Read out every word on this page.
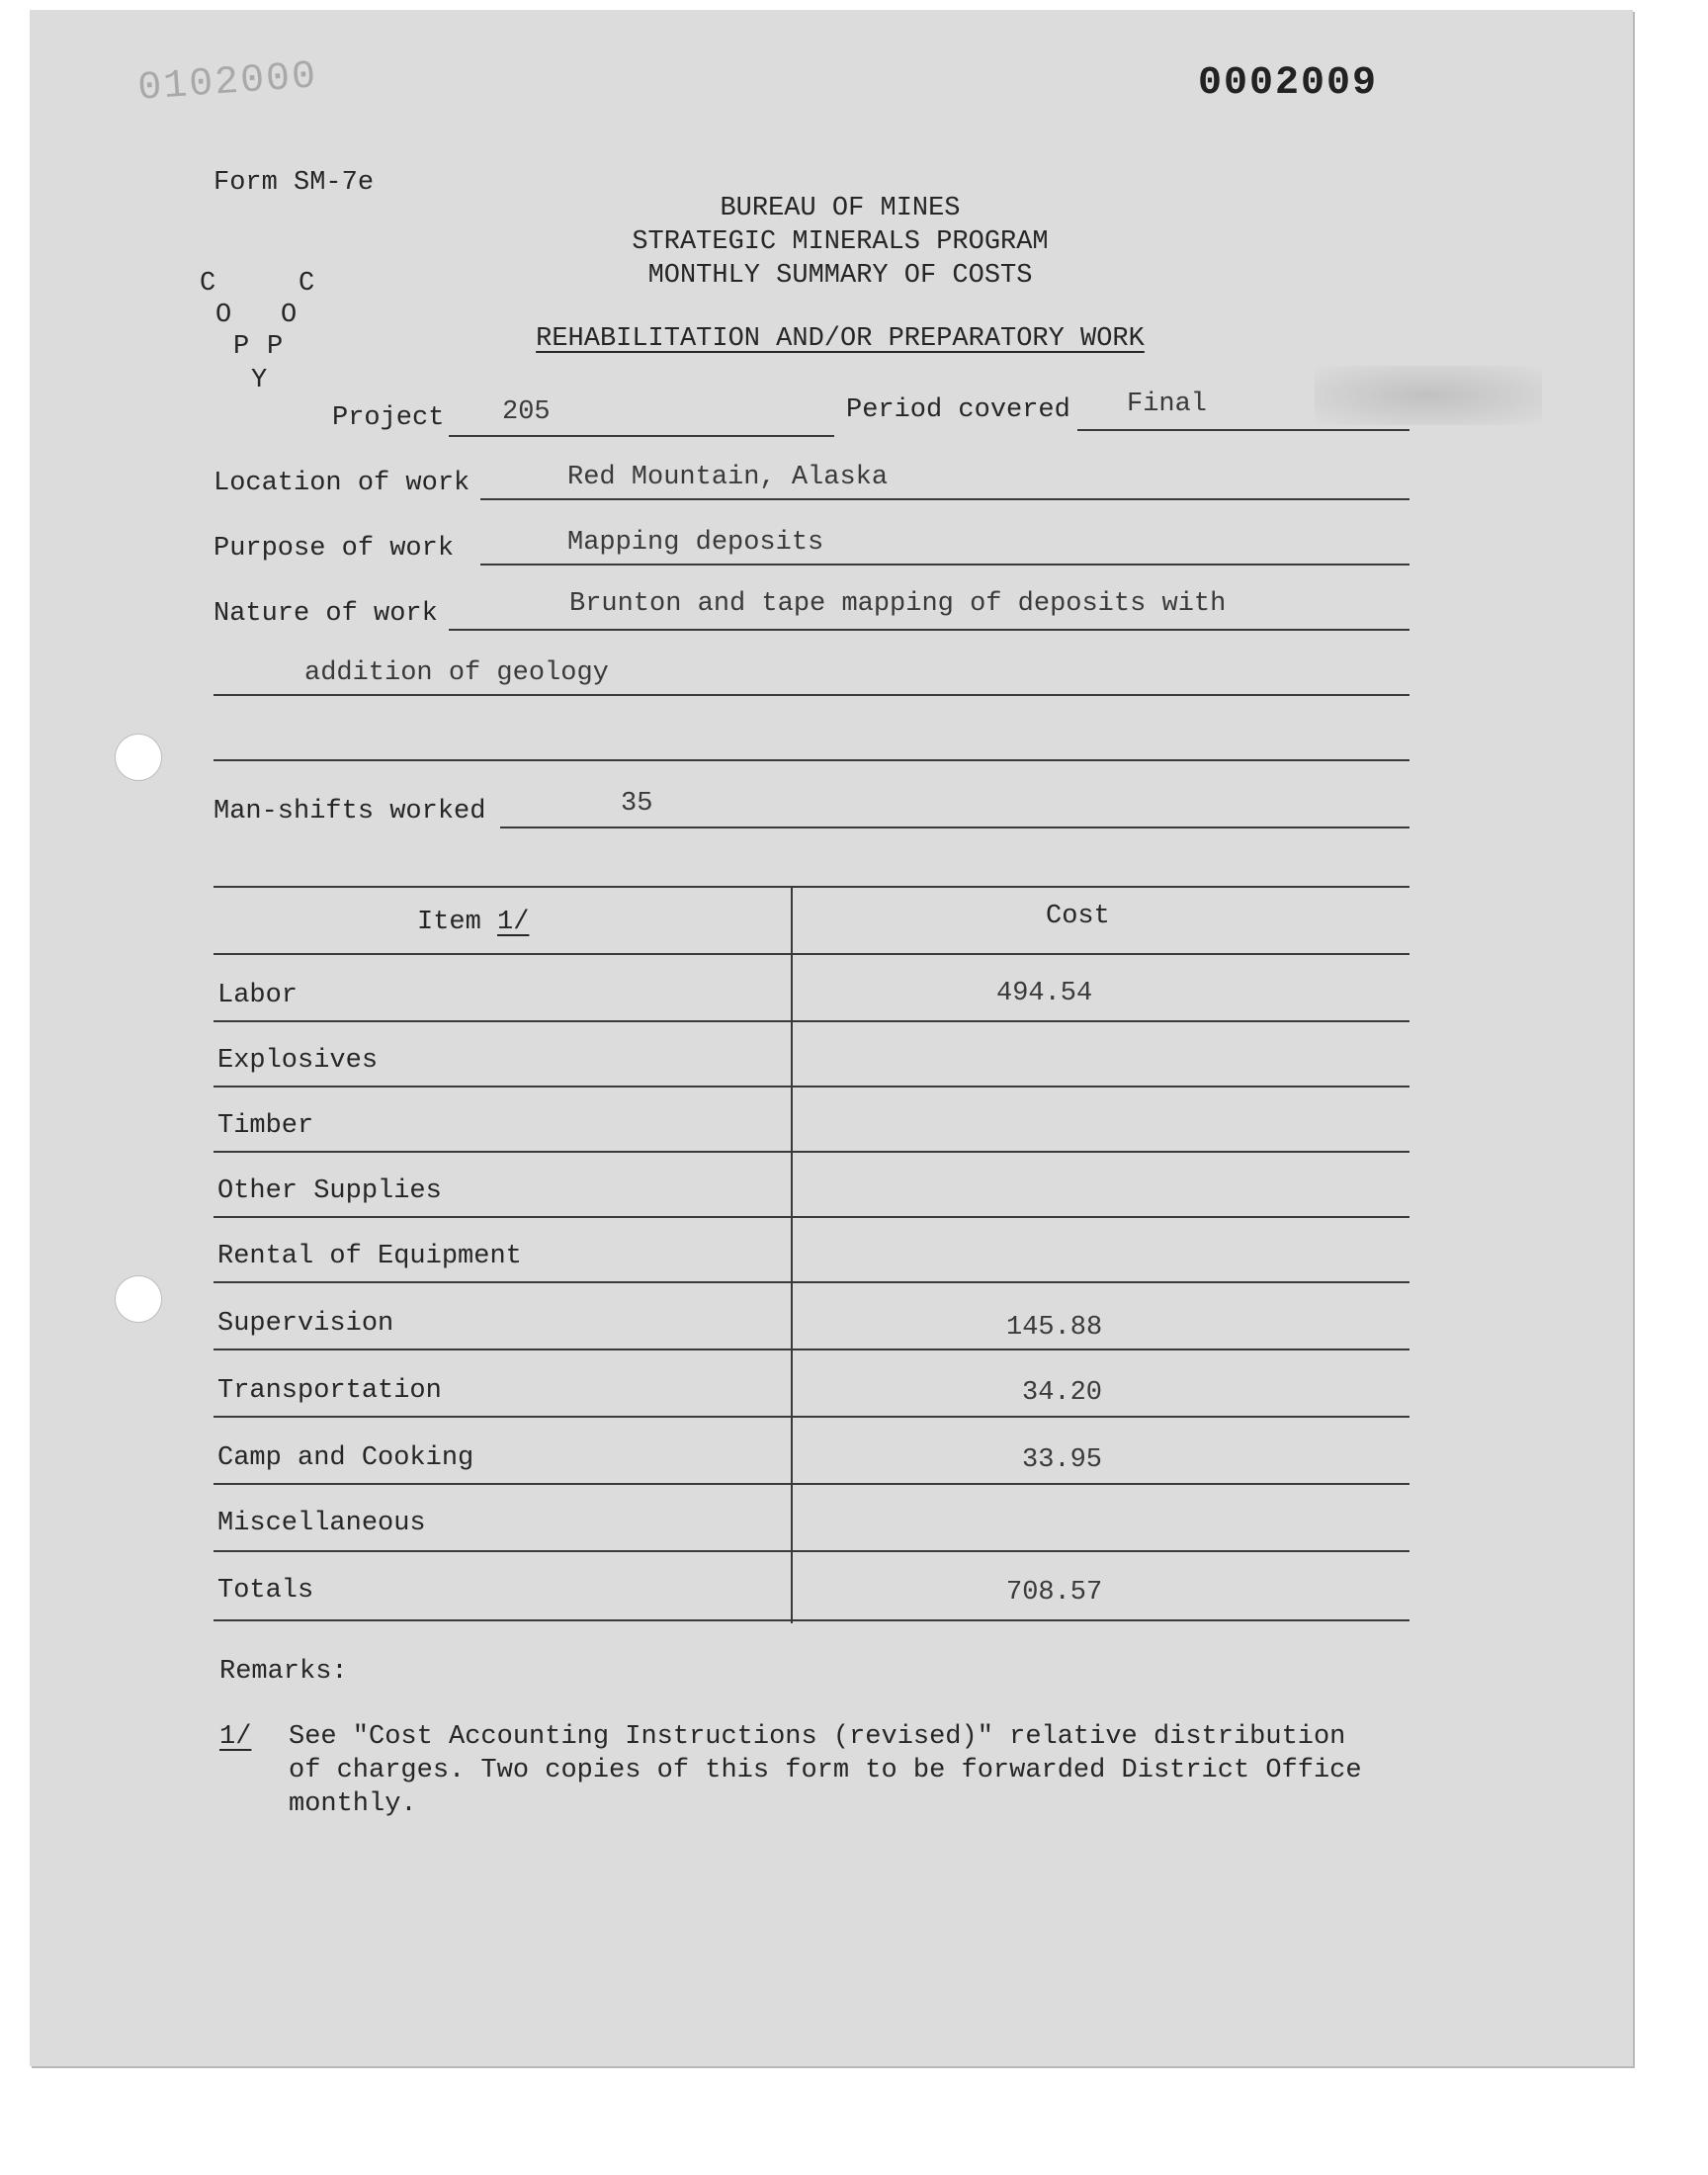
0102000	0002009
Form SM-7e
BUREAU OF MINES
STRATEGIC MINERALS PROGRAM
MONTHLY SUMMARY OF COSTS
REHABILITATION AND/OR PREPARATORY WORK
C	C
O O
P P
Y
Project 205	Period covered Final
Location of work	Red Mountain, Alaska
Purpose of work	Mapping deposits
Nature of work	Brunton and tape mapping of deposits with
addition of geology
Man-shifts worked	35
Item 1/	Cost
Labor	494.54
Explosives
Timber
Other Supplies
Rental of Equipment
Supervision	145.88
Transportation	34.20
Camp and Cooking	33.95
Miscellaneous
Totals	708.57
Remarks:
1/ See "Cost Accounting Instructions (revised)" relative distribution
of charges. Two copies of this form to be forwarded District Office
monthly.
